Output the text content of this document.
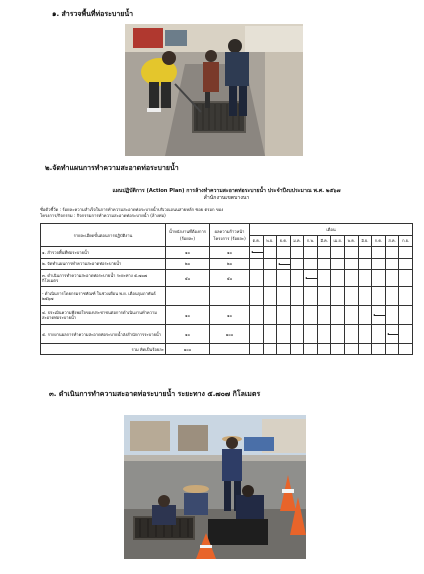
๑. สำรวจพื้นที่ท่อระบายน้ำ
๒.จัดทำแผนการทำความสะอาดท่อระบายน้ำ
แผนปฏิบัติการ (Action Plan) การล้างทำความสะอาดท่อระบายน้ำ ประจำปีงบประมาณ พ.ศ. ๒๕๖๗
สำนักงานเขตบางนา
ชื่อตัวชี้วัด : ร้อยละความสำเร็จในการทำความสะอาดท่อระบายน้ำบริเวณถนนสายหลัก ซอย ตรอก ของ
โครงการ/กิจกรรม : กิจกรรมการทำความสะอาดท่อระบายน้ำ (ล้างท่อ)
รายละเอียดขั้นตอนการปฏิบัติงาน	น้ำหนักงานที่ต้องการ (ร้อยละ)	ผลความก้าวหน้าโครงการ (ร้อยละ)	เดือน											
			ต.ค.	พ.ย.	ธ.ค.	ม.ค.	ก.พ.	มี.ค.	เม.ย.	พ.ค.	มิ.ย.	ก.ค.	ส.ค.	ก.ย.
๑. สำรวจพื้นที่ท่อระบายน้ำ	๑๐	๑๐	

๒. จัดทำแผนการทำความสะอาดท่อระบายน้ำ	๒๐	๒๐			

๓. ดำเนินการทำความสะอาดท่อระบายน้ำ ระยะทาง ๕.๗๐๗ กิโลเมตร	๕๐	๕๐					

- ดำเนินการโดยกรมราชทัณฑ์ ในช่วงเดือน พ.ย. เดือนกุมภาพันธ์ ๒๕๖๗														
๔. ประเมินความพึงพอใจของประชาชนต่อการดำเนินงานทำความสะอาดท่อระบายน้ำ	๑๐	๑๐										

๕. รายงานผลการทำความสะอาดท่อระบายน้ำส่งสำนักการระบายน้ำ	๑๐	๑๐๐											

รวม คิดเป็นร้อยละ	๑๐๐													
๓. ดำเนินการทำความสะอาดท่อระบายน้ำ ระยะทาง ๕.๗๐๗ กิโลเมตร
